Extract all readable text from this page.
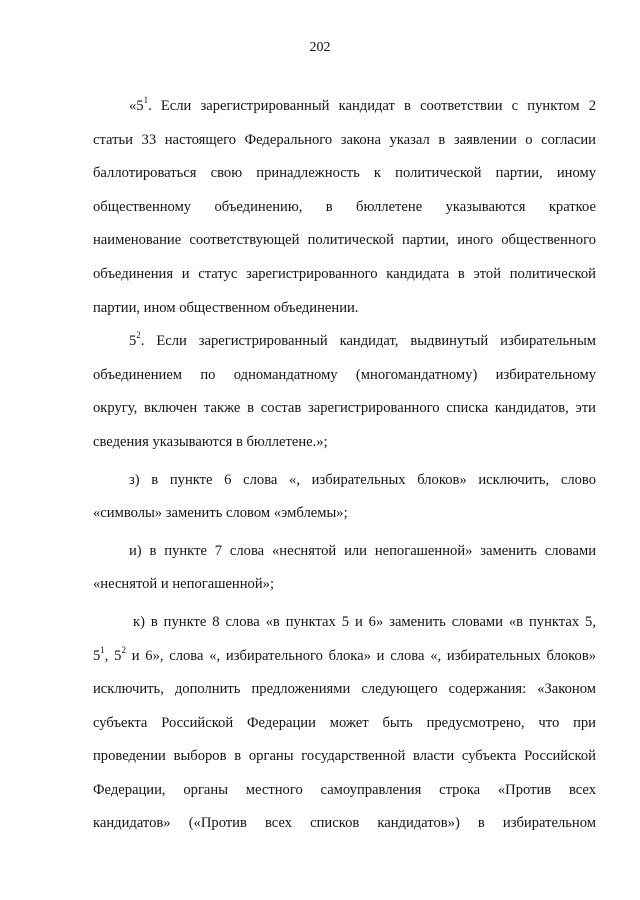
202
«$5^1$. Если зарегистрированный кандидат в соответствии с пунктом 2
статьи 33 настоящего Федерального закона указал в заявлении о согласии
баллотироваться свою принадлежность к политической партии, иному
общественному объединению, в бюллетене указываются краткое
наименование соответствующей политической партии, иного общественного
объединения и статус зарегистрированного кандидата в этой политической
партии, ином общественном объединении.
$5^2$. Если зарегистрированный кандидат, выдвинутый избирательным
объединением по одномандатному (многомандатному) избирательному
округу, включен также в состав зарегистрированного списка кандидатов, эти
сведения указываются в бюллетене.»;
з) в пункте 6 слова «, избирательных блоков» исключить, слово
«символы» заменить словом «эмблемы»;
и) в пункте 7 слова «неснятой или непогашенной» заменить словами
«неснятой и непогашенной»;
к) в пункте 8 слова «в пунктах 5 и 6» заменить словами «в пунктах 5,
$5^1$, $5^2$ и 6», слова «, избирательного блока» и слова «, избирательных блоков»
исключить, дополнить предложениями следующего содержания: «Законом
субъекта Российской Федерации может быть предусмотрено, что при
проведении выборов в органы государственной власти субъекта Российской
Федерации, органы местного самоуправления строка «Против всех
кандидатов» («Против всех списков кандидатов») в избирательном
